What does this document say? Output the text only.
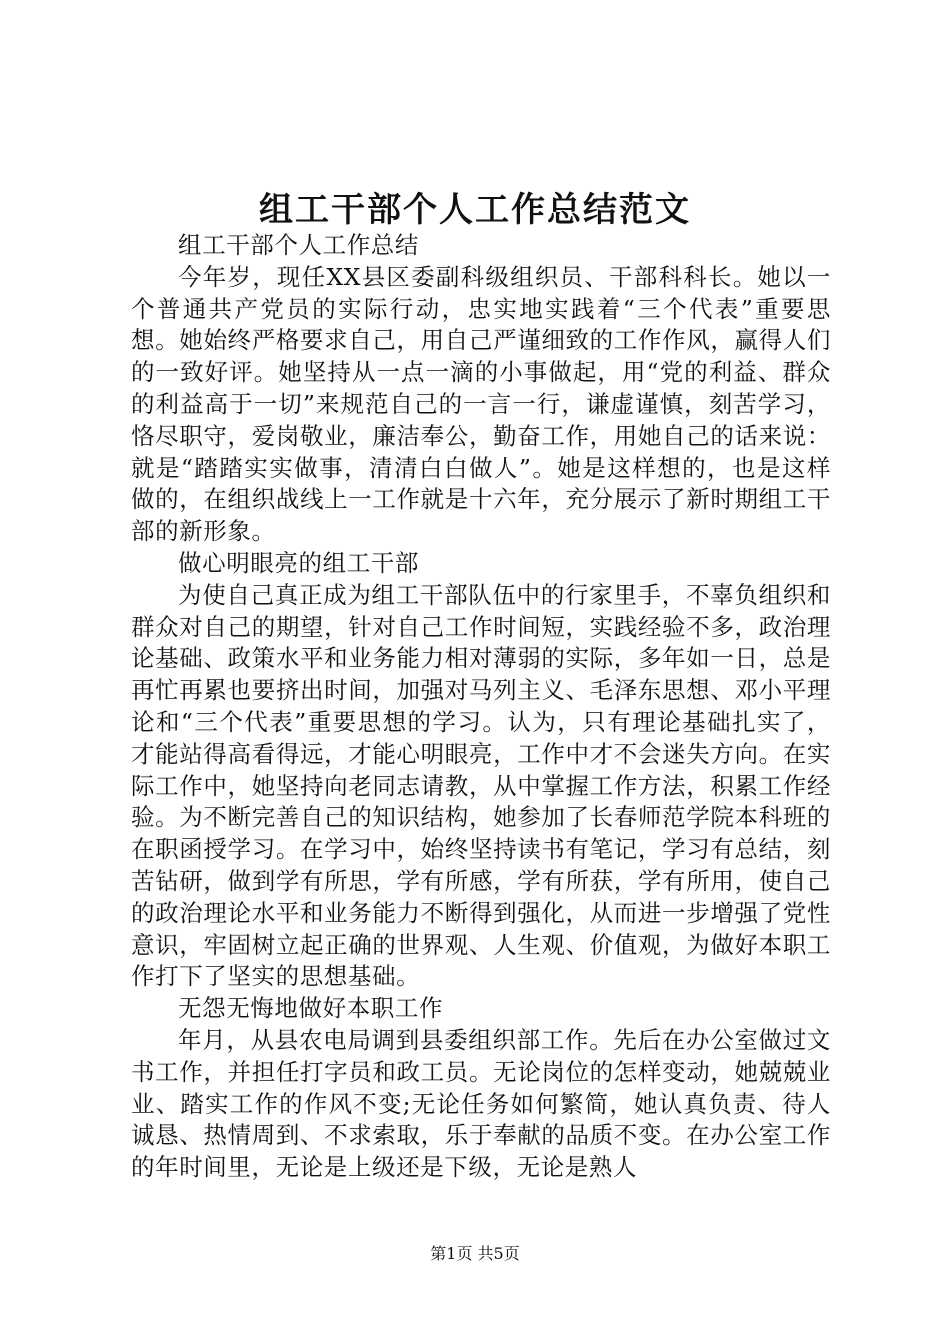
组工干部个人工作总结范文

组工干部个人工作总结

今年岁，现任XX县区委副科级组织员、干部科科长。她以一个普通共产党员的实际行动，忠实地实践着“三个代表”重要思想。她始终严格要求自己，用自己严谨细致的工作作风，赢得人们的一致好评。她坚持从一点一滴的小事做起，用“党的利益、群众的利益高于一切”来规范自己的一言一行，谦虚谨慎，刻苦学习，恪尽职守，爱岗敬业，廉洁奉公，勤奋工作，用她自己的话来说：就是“踏踏实实做事，清清白白做人”。她是这样想的，也是这样做的，在组织战线上一工作就是十六年，充分展示了新时期组工干部的新形象。

做心明眼亮的组工干部

为使自己真正成为组工干部队伍中的行家里手，不辜负组织和群众对自己的期望，针对自己工作时间短，实践经验不多，政治理论基础、政策水平和业务能力相对薄弱的实际，多年如一日，总是再忙再累也要挤出时间，加强对马列主义、毛泽东思想、邓小平理论和“三个代表”重要思想的学习。认为，只有理论基础扎实了，才能站得高看得远，才能心明眼亮，工作中才不会迷失方向。在实际工作中，她坚持向老同志请教，从中掌握工作方法，积累工作经验。为不断完善自己的知识结构，她参加了长春师范学院本科班的在职函授学习。在学习中，始终坚持读书有笔记，学习有总结，刻苦钻研，做到学有所思，学有所感，学有所获，学有所用，使自己的政治理论水平和业务能力不断得到强化，从而进一步增强了党性意识，牢固树立起正确的世界观、人生观、价值观，为做好本职工作打下了坚实的思想基础。

无怨无悔地做好本职工作

年月，从县农电局调到县委组织部工作。先后在办公室做过文书工作，并担任打字员和政工员。无论岗位的怎样变动，她兢兢业业、踏实工作的作风不变;无论任务如何繁简，她认真负责、待人诚恳、热情周到、不求索取，乐于奉献的品质不变。在办公室工作的年时间里，无论是上级还是下级，无论是熟人

第1页 共5页
